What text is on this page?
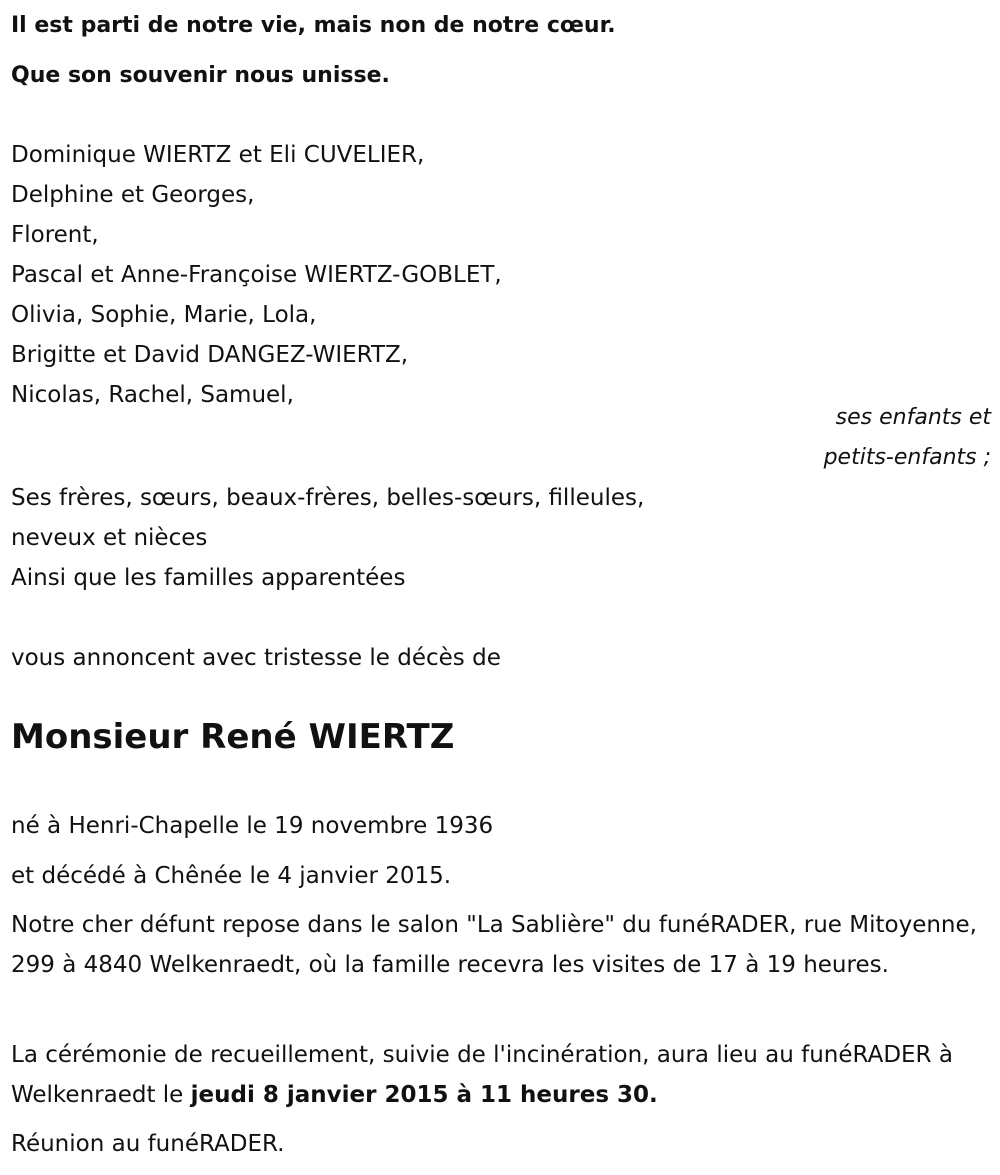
Il est parti de notre vie, mais non de notre cœur.

Que son souvenir nous unisse.

Dominique WIERTZ et Eli CUVELIER,

Delphine et Georges,

Florent,

Pascal et Anne-Françoise WIERTZ-GOBLET,

Olivia, Sophie, Marie, Lola,

Brigitte et David DANGEZ-WIERTZ,

Nicolas, Rachel, Samuel,

ses enfants et
petits-enfants ;

Ses frères, sœurs, beaux-frères, belles-sœurs, filleules,

neveux et nièces

Ainsi que les familles apparentées

vous annoncent avec tristesse le décès de

Monsieur René WIERTZ

né à Henri-Chapelle le 19 novembre 1936

et décédé à Chênée le 4 janvier 2015.

Notre cher défunt repose dans le salon "La Sablière" du funéRADER, rue Mitoyenne, 299 à 4840 Welkenraedt, où la famille recevra les visites de 17 à 19 heures.

La cérémonie de recueillement, suivie de l'incinération, aura lieu au funéRADER à Welkenraedt le jeudi 8 janvier 2015 à 11 heures 30.

Réunion au funéRADER.
